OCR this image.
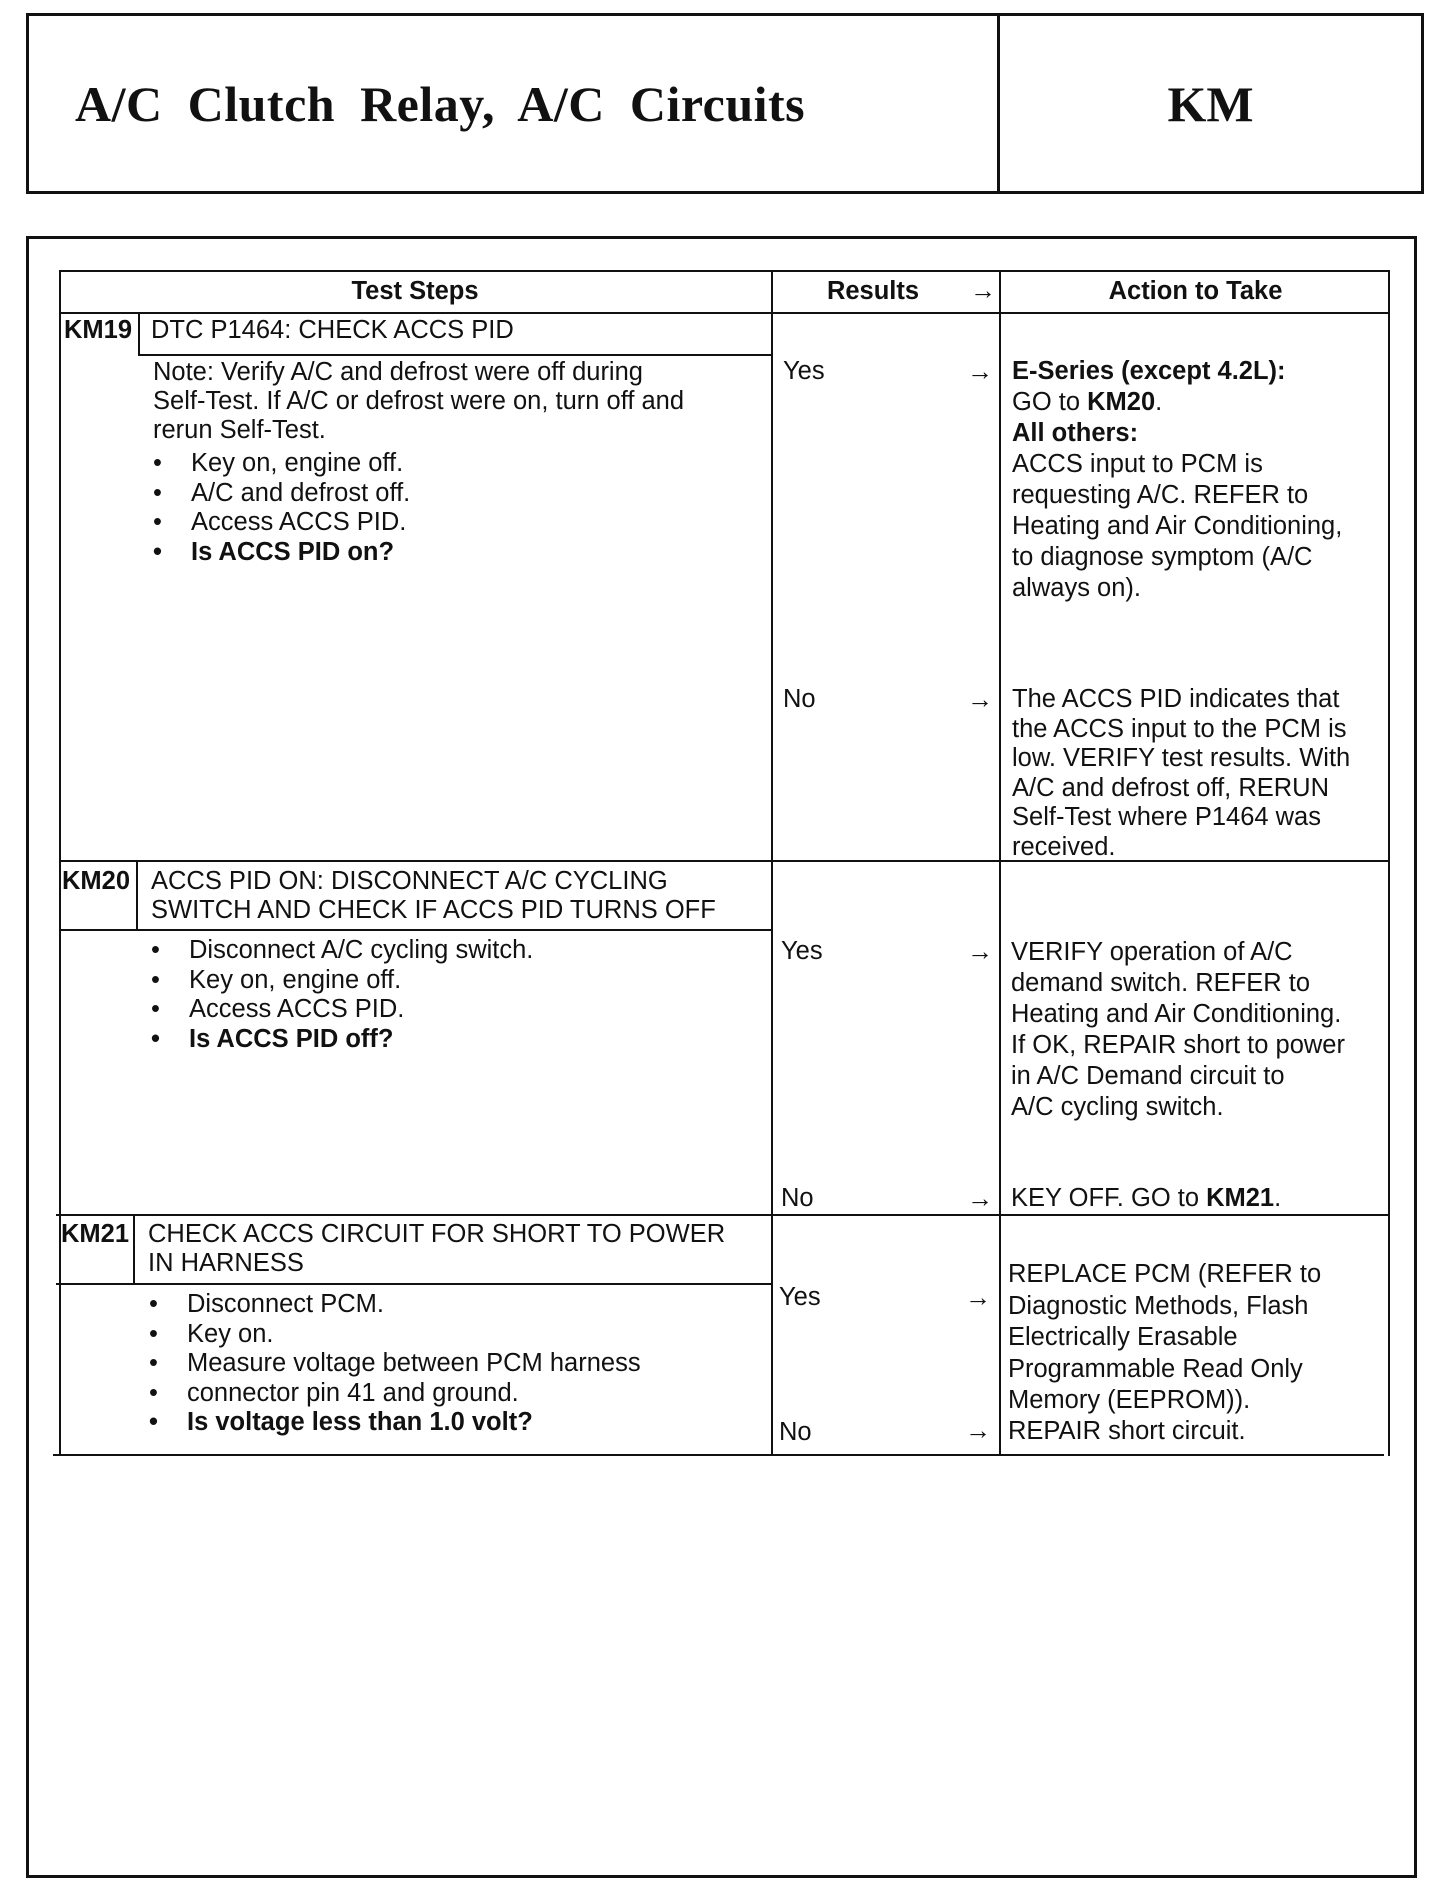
A/C Clutch Relay, A/C Circuits	KM
Test Steps	Results	→	Action to Take
KM19 DTC P1464: CHECK ACCS PID
Note: Verify A/C and defrost were off during
Self-Test. If A/C or defrost were on, turn off and
rerun Self-Test.
• Key on, engine off.
• A/C and defrost off.
• Access ACCS PID.
• Is ACCS PID on?
Yes	→ E-Series (except 4.2L):
GO to KM20.
All others:
ACCS input to PCM is
requesting A/C. REFER to
Heating and Air Conditioning,
to diagnose symptom (A/C
always on).
No	→ The ACCS PID indicates that
the ACCS input to the PCM is
low. VERIFY test results. With
A/C and defrost off, RERUN
Self-Test where P1464 was
received.
KM20 ACCS PID ON: DISCONNECT A/C CYCLING
SWITCH AND CHECK IF ACCS PID TURNS OFF
• Disconnect A/C cycling switch.
• Key on, engine off.
• Access ACCS PID.
• Is ACCS PID off?
Yes	→ VERIFY operation of A/C
demand switch. REFER to
Heating and Air Conditioning.
If OK, REPAIR short to power
in A/C Demand circuit to
A/C cycling switch.
No	→ KEY OFF. GO to KM21.
KM21 CHECK ACCS CIRCUIT FOR SHORT TO POWER
IN HARNESS
• Disconnect PCM.
• Key on.
• Measure voltage between PCM harness
• connector pin 41 and ground.
• Is voltage less than 1.0 volt?
Yes	→
REPLACE PCM (REFER to
Diagnostic Methods, Flash
Electrically Erasable
Programmable Read Only
Memory (EEPROM)).
No	→ REPAIR short circuit.
